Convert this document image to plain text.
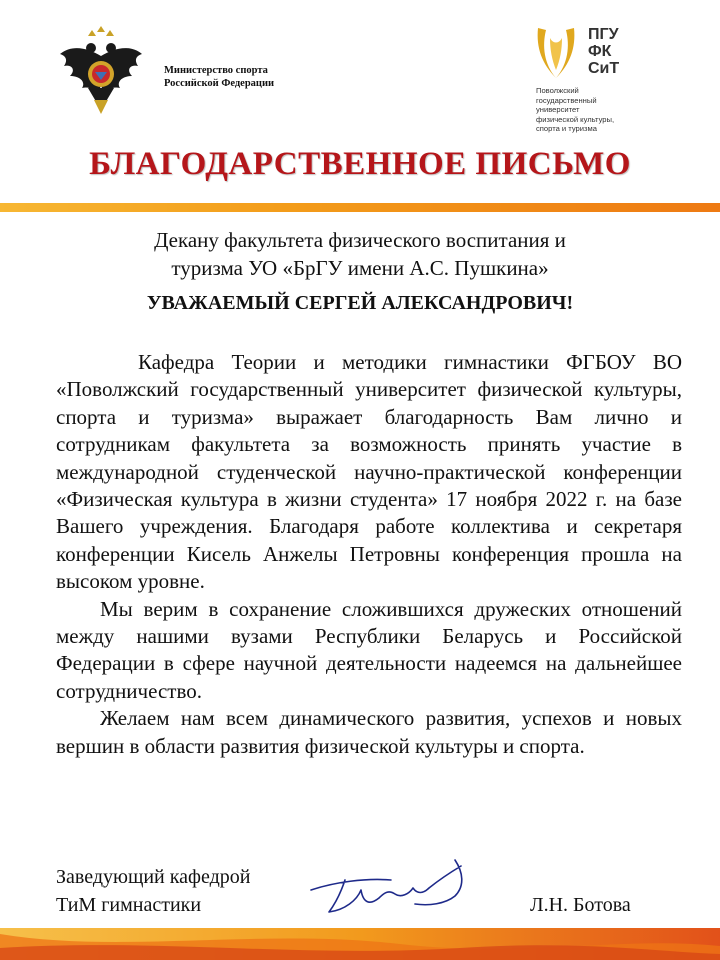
Министерство спорта
Российской Федерации
ПГУ
ФК
СиТ
Поволжский
государственный
университет
физической культуры,
спорта и туризма
БЛАГОДАРСТВЕННОЕ ПИСЬМО
Декану факультета физического воспитания и
туризма УО «БрГУ имени А.С. Пушкина»
УВАЖАЕМЫЙ СЕРГЕЙ АЛЕКСАНДРОВИЧ!

Кафедра Теории и методики гимнастики ФГБОУ ВО «Поволжский государственный университет физической культуры, спорта и туризма» выражает благодарность Вам лично и сотрудникам факультета за возможность принять участие в международной студенческой научно-практической конференции «Физическая культура в жизни студента» 17 ноября 2022 г. на базе Вашего учреждения. Благодаря работе коллектива и секретаря конференции Кисель Анжелы Петровны конференция прошла на высоком уровне.

Мы верим в сохранение сложившихся дружеских отношений между нашими вузами Республики Беларусь и Российской Федерации в сфере научной деятельности надеемся на дальнейшее сотрудничество.

Желаем нам всем динамического развития, успехов и новых вершин в области развития физической культуры и спорта.

Заведующий кафедрой
ТиМ гимнастики	Л.Н. Ботова
